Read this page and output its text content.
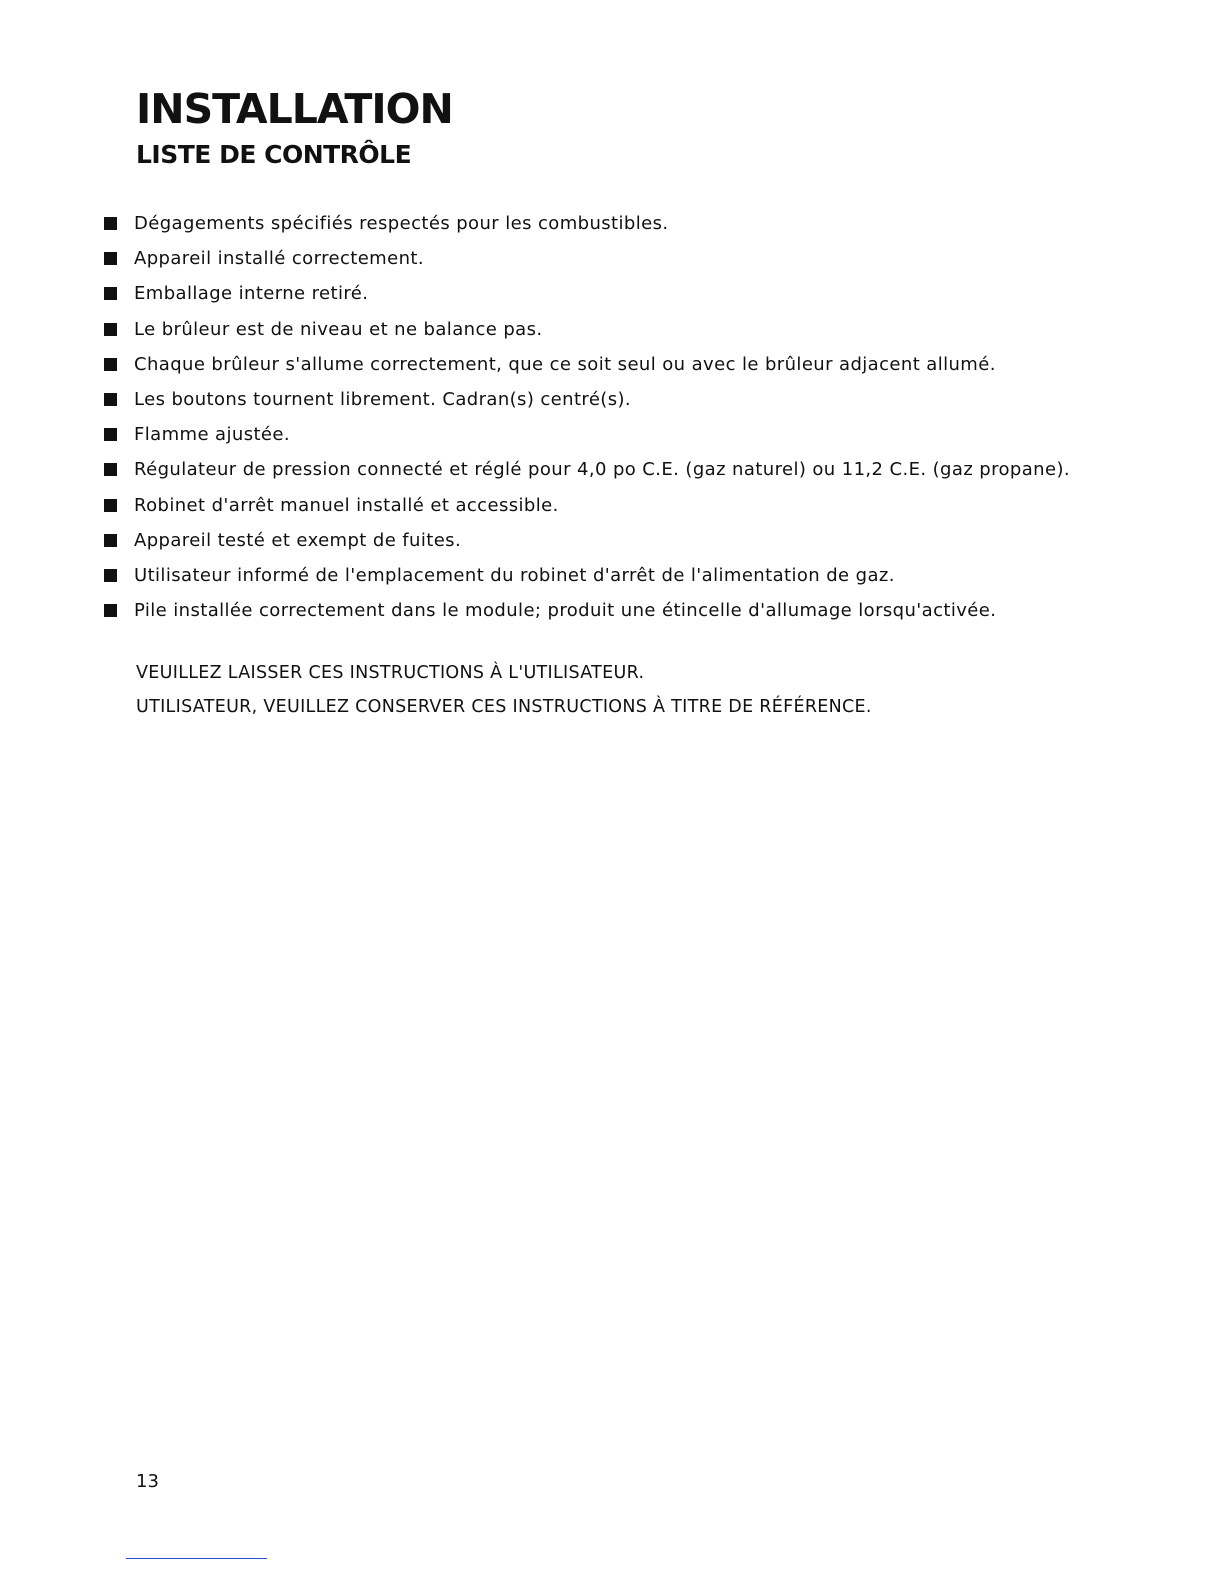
INSTALLATION
LISTE DE CONTRÔLE
Dégagements spécifiés respectés pour les combustibles.
Appareil installé correctement.
Emballage interne retiré.
Le brûleur est de niveau et ne balance pas.
Chaque brûleur s'allume correctement, que ce soit seul ou avec le brûleur adjacent allumé.
Les boutons tournent librement. Cadran(s) centré(s).
Flamme ajustée.
Régulateur de pression connecté et réglé pour 4,0 po C.E. (gaz naturel) ou 11,2 C.E. (gaz propane).
Robinet d'arrêt manuel installé et accessible.
Appareil testé et exempt de fuites.
Utilisateur informé de l'emplacement du robinet d'arrêt de l'alimentation de gaz.
Pile installée correctement dans le module; produit une étincelle d'allumage lorsqu'activée.
VEUILLEZ LAISSER CES INSTRUCTIONS À L'UTILISATEUR.
UTILISATEUR, VEUILLEZ CONSERVER CES INSTRUCTIONS À TITRE DE RÉFÉRENCE.
13
